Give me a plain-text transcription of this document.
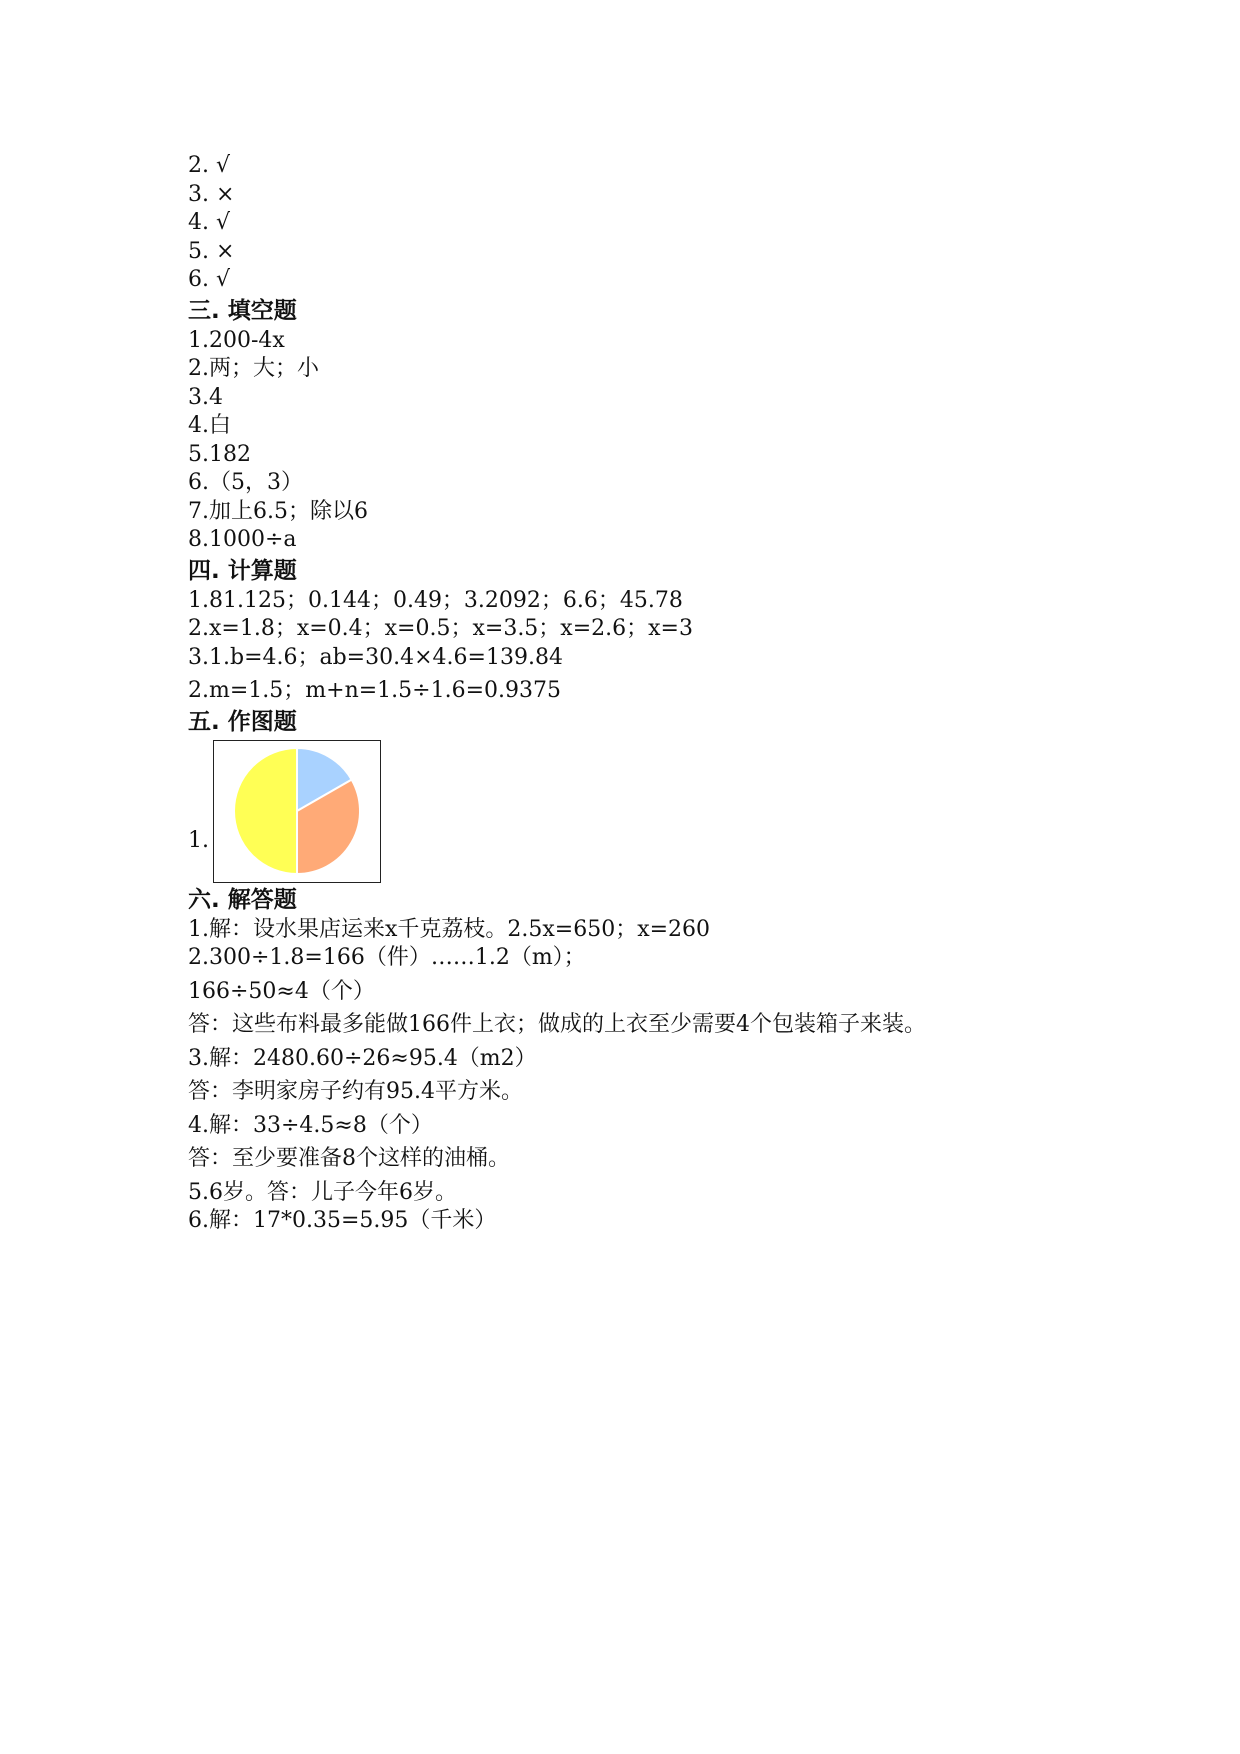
2. √
3. ×
4. √
5. ×
6. √
三. 填空题
1.200-4x
2.两；大；小
3.4
4.白
5.182
6.（5，3）
7.加上6.5；除以6
8.1000÷a
四. 计算题
1.81.125；0.144；0.49；3.2092；6.6；45.78
2.x=1.8；x=0.4；x=0.5；x=3.5；x=2.6；x=3
3.1.b=4.6；ab=30.4×4.6=139.84
2.m=1.5；m+n=1.5÷1.6=0.9375
五. 作图题
1.
六. 解答题
1.解：设水果店运来x千克荔枝。2.5x=650；x=260
2.300÷1.8=166（件）……1.2（m）；
166÷50≈4（个）
答：这些布料最多能做166件上衣；做成的上衣至少需要4个包装箱子来装。
3.解：2480.60÷26≈95.4（m2）
答：李明家房子约有95.4平方米。
4.解：33÷4.5≈8（个）
答：至少要准备8个这样的油桶。
5.6岁。答：儿子今年6岁。
6.解：17*0.35=5.95（千米）
